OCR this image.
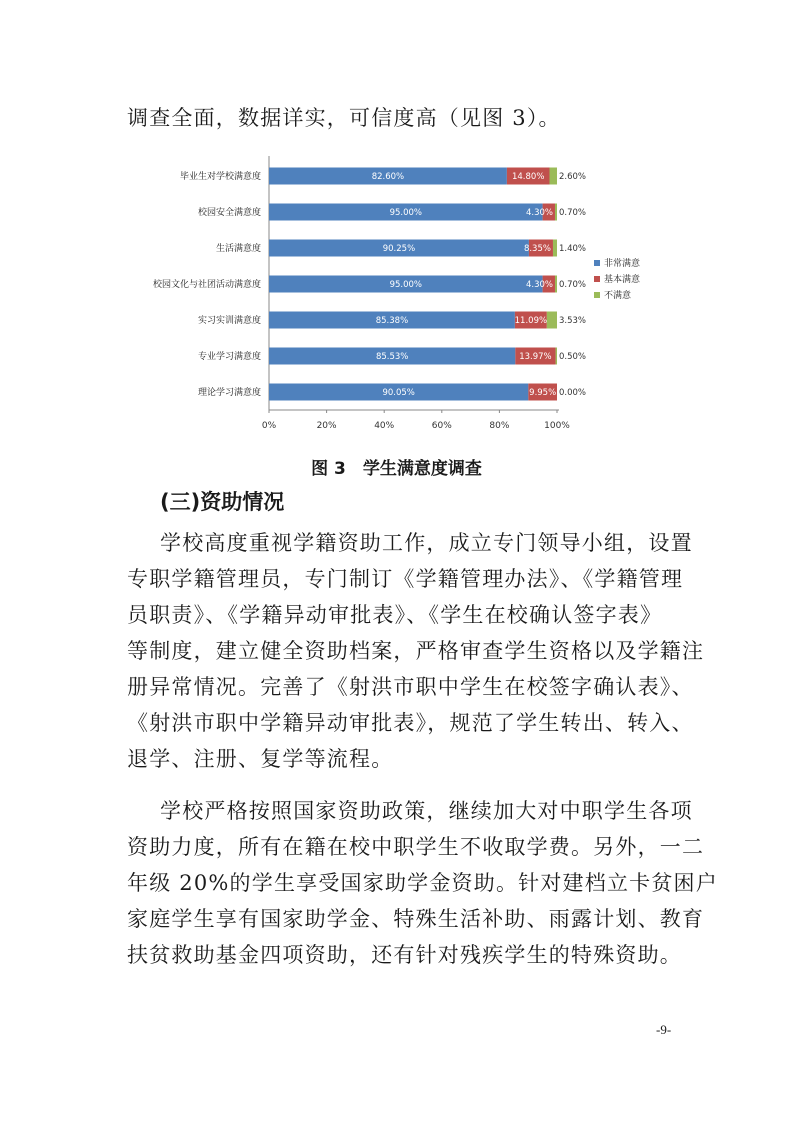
调查全面，数据详实，可信度高（见图 3）。
0%	20%	40%	60%	80%	100%
毕业生对学校满意度	82.60%	14.80% 2.60%
校园安全满意度	95.00%	4.30% 0.70%
生活满意度	90.25%	8.35% 1.40%
校园文化与社团活动满意度	95.00%	4.30% 0.70%
实习实训满意度	85.38%	11.09% 3.53%
专业学习满意度	85.53%	13.97% 0.50%
理论学习满意度	90.05%	9.95% 0.00%
非常满意
基本满意
不满意
图 3　学生满意度调查
(三)资助情况
学校高度重视学籍资助工作，成立专门领导小组，设置
专职学籍管理员，专门制订《学籍管理办法》、《学籍管理
员职责》、《学籍异动审批表》、《学生在校确认签字表》
等制度，建立健全资助档案，严格审查学生资格以及学籍注
册异常情况。完善了《射洪市职中学生在校签字确认表》、
《射洪市职中学籍异动审批表》，规范了学生转出、转入、
退学、注册、复学等流程。
学校严格按照国家资助政策，继续加大对中职学生各项
资助力度，所有在籍在校中职学生不收取学费。另外，一二
年级 20%的学生享受国家助学金资助。针对建档立卡贫困户
家庭学生享有国家助学金、特殊生活补助、雨露计划、教育
扶贫救助基金四项资助，还有针对残疾学生的特殊资助。
-9-
